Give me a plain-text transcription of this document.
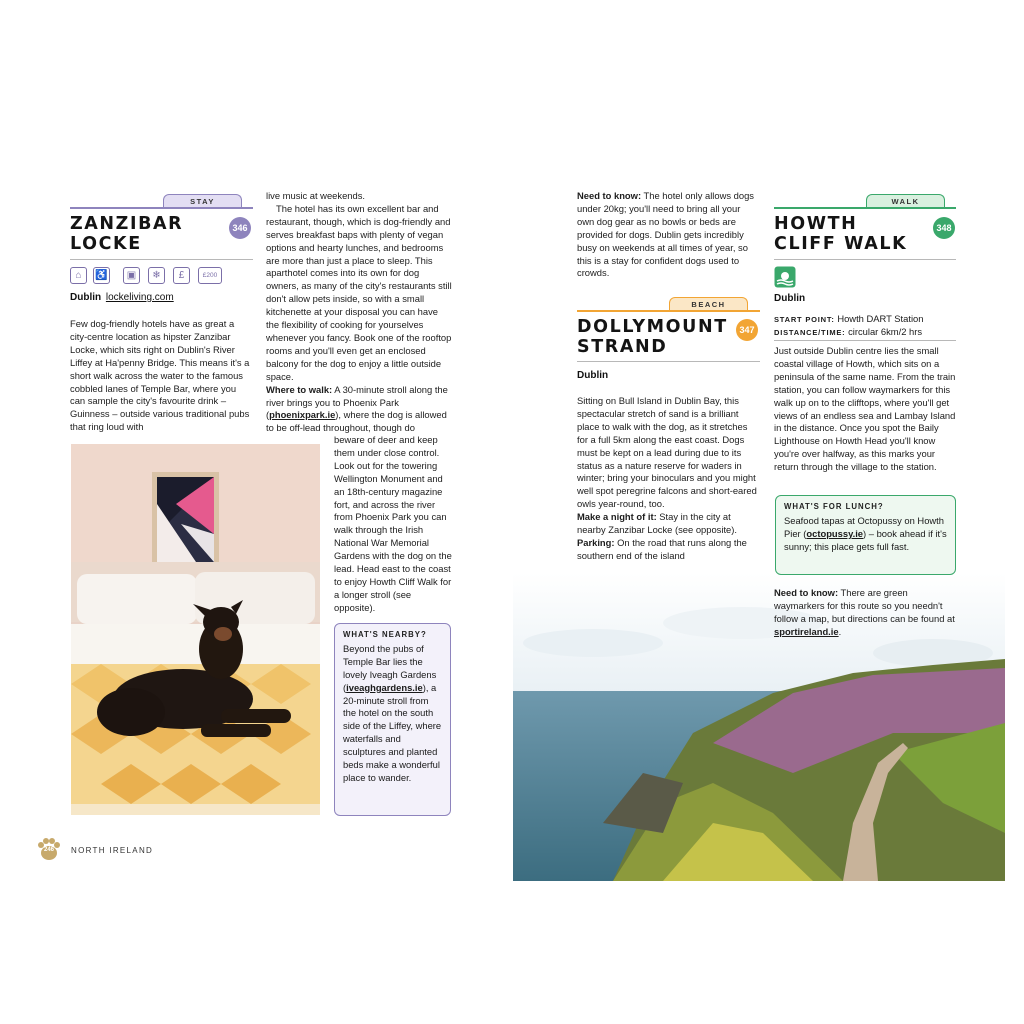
STAY
ZANZIBAR
LOCKE
346
⌂	♿	▣	❄	£	£200
Dublin lockeliving.com
Few dog-friendly hotels have as great a city-centre location as hipster Zanzibar Locke, which sits right on Dublin's River Liffey at Ha'penny Bridge. This means it's a short walk across the water to the famous cobbled lanes of Temple Bar, where you can sample the city's favourite drink – Guinness – outside various traditional pubs that ring loud with

live music at weekends.

The hotel has its own excellent bar and restaurant, though, which is dog-friendly and serves breakfast baps with plenty of vegan options and hearty lunches, and bedrooms are more than just a place to sleep. This aparthotel comes into its own for dog owners, as many of the city's restaurants still don't allow pets inside, so with a small kitchenette at your disposal you can have the flexibility of cooking for yourselves whenever you fancy. Book one of the rooftop rooms and you'll even get an enclosed balcony for the dog to enjoy a little outside space.

Where to walk: A 30-minute stroll along the river brings you to Phoenix Park (phoenixpark.ie), where the dog is allowed to be off-lead throughout, though do

beware of deer and keep them under close control. Look out for the towering Wellington Monument and an 18th-century magazine fort, and across the river from Phoenix Park you can walk through the Irish National War Memorial Gardens with the dog on the lead. Head east to the coast to enjoy Howth Cliff Walk for a longer stroll (see opposite).
WHAT'S NEARBY?
Beyond the pubs of Temple Bar lies the lovely Iveagh Gardens (iveaghgardens.ie), a 20-minute stroll from the hotel on the south side of the Liffey, where waterfalls and sculptures and planted beds make a wonderful place to wander.
246	NORTH IRELAND
Need to know: The hotel only allows dogs under 20kg; you'll need to bring all your own dog gear as no bowls or beds are provided for dogs. Dublin gets incredibly busy on weekends at all times of year, so this is a stay for confident dogs used to crowds.
BEACH
DOLLYMOUNT
STRAND
347
Dublin

Sitting on Bull Island in Dublin Bay, this spectacular stretch of sand is a brilliant place to walk with the dog, as it stretches for a full 5km along the east coast. Dogs must be kept on a lead during due to its status as a nature reserve for waders in winter; bring your binoculars and you might well spot peregrine falcons and short-eared owls year-round, too.

Make a night of it: Stay in the city at nearby Zanzibar Locke (see opposite).

Parking: On the road that runs along the southern end of the island

WALK
HOWTH
CLIFF WALK
348
Dublin
START POINT: Howth DART Station
DISTANCE/TIME: circular 6km/2 hrs
Just outside Dublin centre lies the small coastal village of Howth, which sits on a peninsula of the same name. From the train station, you can follow waymarkers for this walk up on to the clifftops, where you'll get views of an endless sea and Lambay Island in the distance. Once you spot the Baily Lighthouse on Howth Head you'll know you're over halfway, as this marks your return through the village to the station.
WHAT'S FOR LUNCH?
Seafood tapas at Octopussy on Howth Pier (octopussy.ie) – book ahead if it's sunny; this place gets full fast.
Need to know: There are green waymarkers for this route so you needn't follow a map, but directions can be found at sportireland.ie.
